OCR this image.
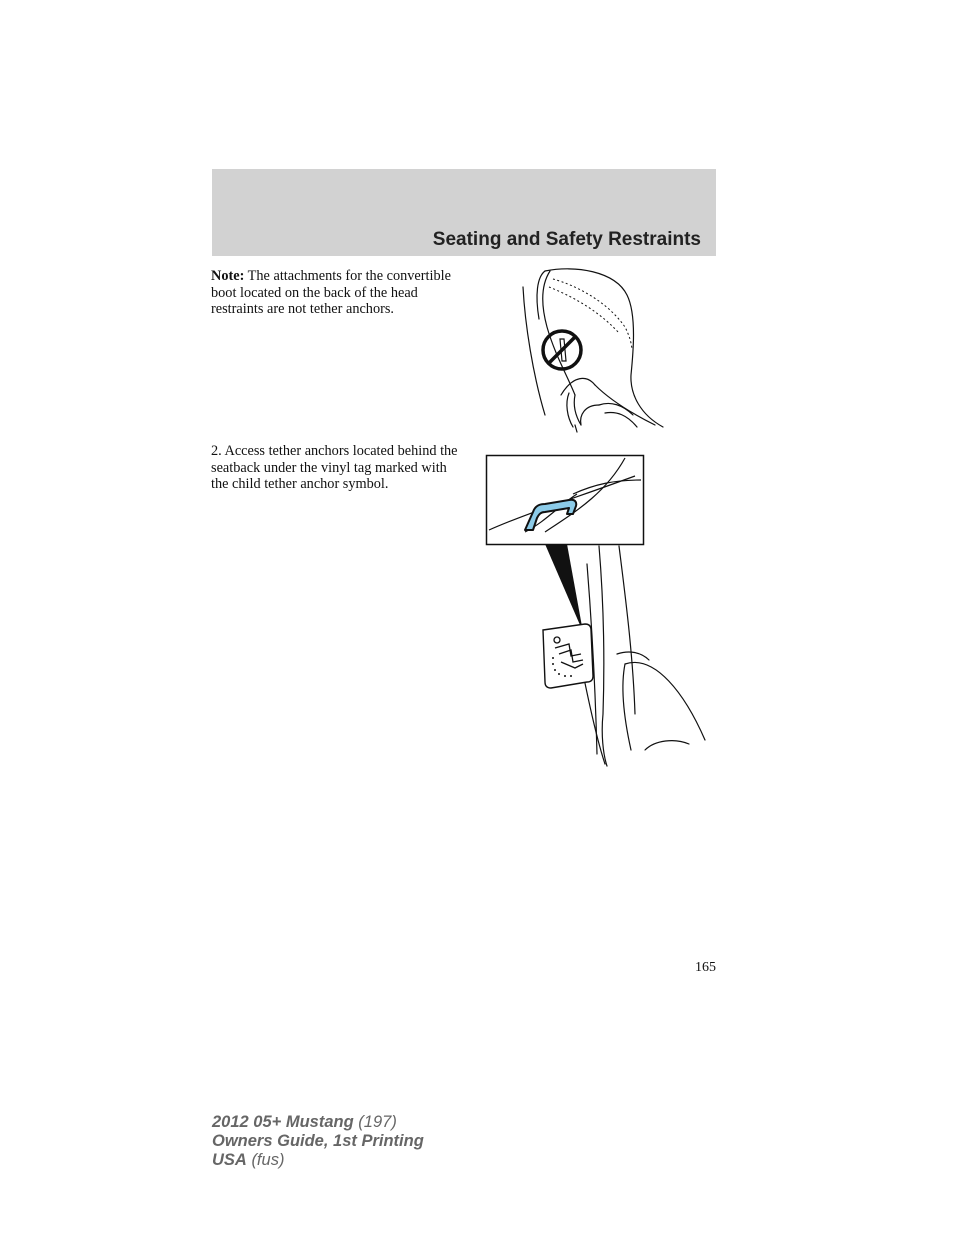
Seating and Safety Restraints
Note: The attachments for the convertible boot located on the back of the head restraints are not tether anchors.
2. Access tether anchors located behind the seatback under the vinyl tag marked with the child tether anchor symbol.
165
2012 05+ Mustang (197)
Owners Guide, 1st Printing
USA (fus)
